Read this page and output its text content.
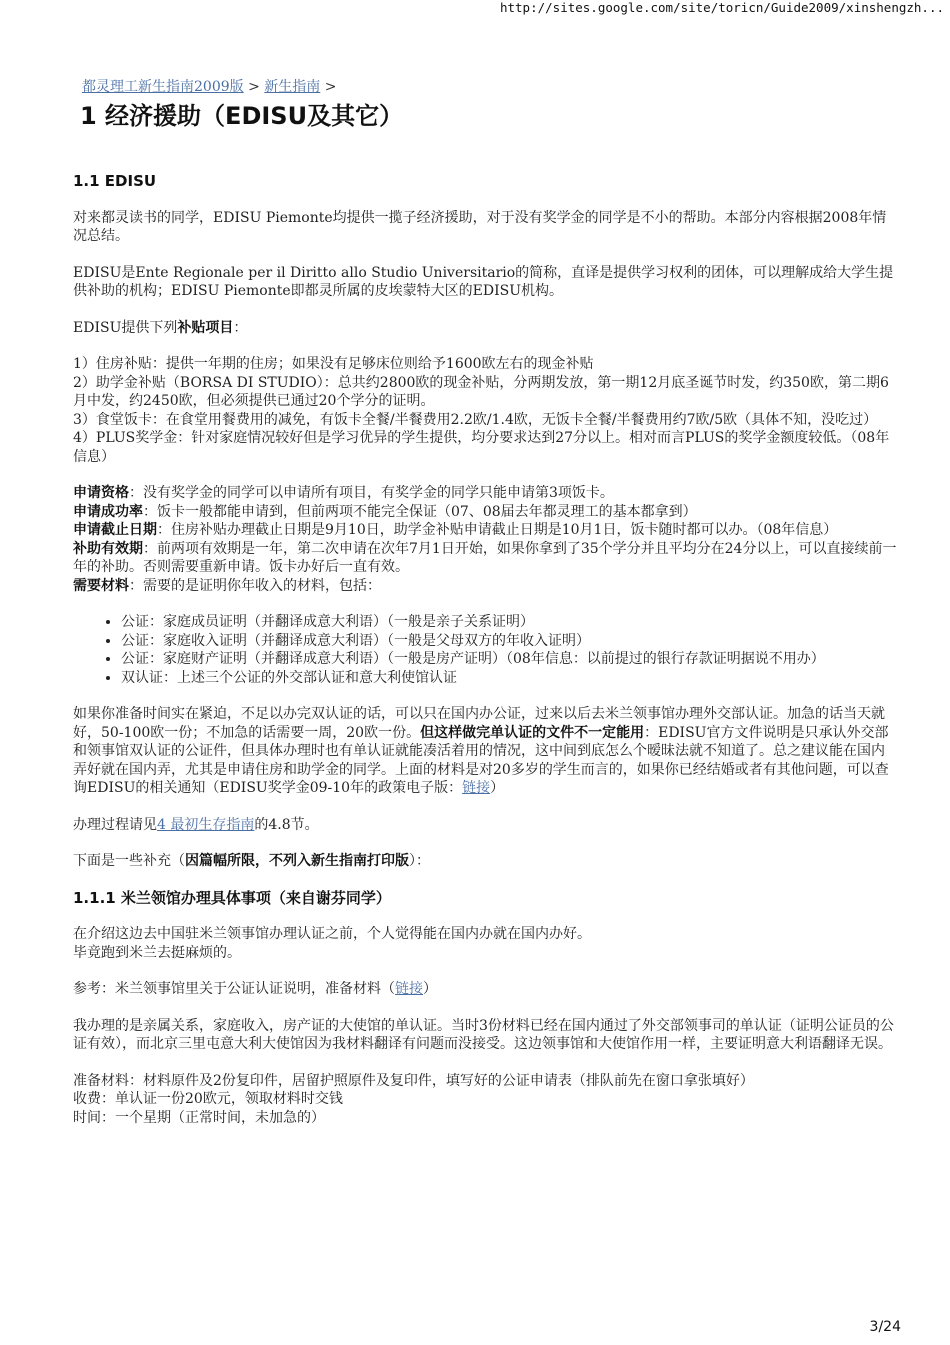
http://sites.google.com/site/toricn/Guide2009/xinshengzh...
都灵理工新生指南2009版 > 新生指南 >
1 经济援助（EDISU及其它）
1.1 EDISU

对来都灵读书的同学，EDISU Piemonte均提供一揽子经济援助，对于没有奖学金的同学是不小的帮助。本部分内容根据2008年情况总结。

EDISU是Ente Regionale per il Diritto allo Studio Universitario的简称，直译是提供学习权利的团体，可以理解成给大学生提供补助的机构；EDISU Piemonte即都灵所属的皮埃蒙特大区的EDISU机构。

EDISU提供下列补贴项目：

1）住房补贴：提供一年期的住房；如果没有足够床位则给予1600欧左右的现金补贴

2）助学金补贴（BORSA DI STUDIO）：总共约2800欧的现金补贴，分两期发放，第一期12月底圣诞节时发，约350欧，第二期6月中发，约2450欧，但必须提供已通过20个学分的证明。

3）食堂饭卡：在食堂用餐费用的减免，有饭卡全餐/半餐费用2.2欧/1.4欧，无饭卡全餐/半餐费用约7欧/5欧（具体不知，没吃过）

4）PLUS奖学金：针对家庭情况较好但是学习优异的学生提供，均分要求达到27分以上。相对而言PLUS的奖学金额度较低。（08年信息）

申请资格：没有奖学金的同学可以申请所有项目，有奖学金的同学只能申请第3项饭卡。

申请成功率：饭卡一般都能申请到，但前两项不能完全保证（07、08届去年都灵理工的基本都拿到）

申请截止日期：住房补贴办理截止日期是9月10日，助学金补贴申请截止日期是10月1日，饭卡随时都可以办。（08年信息）

补助有效期：前两项有效期是一年，第二次申请在次年7月1日开始，如果你拿到了35个学分并且平均分在24分以上，可以直接续前一年的补助。否则需要重新申请。饭卡办好后一直有效。

需要材料：需要的是证明你年收入的材料，包括：

• 公证：家庭成员证明（并翻译成意大利语）（一般是亲子关系证明）
• 公证：家庭收入证明（并翻译成意大利语）（一般是父母双方的年收入证明）
• 公证：家庭财产证明（并翻译成意大利语）（一般是房产证明）（08年信息：以前提过的银行存款证明据说不用办）
• 双认证：上述三个公证的外交部认证和意大利使馆认证

如果你准备时间实在紧迫，不足以办完双认证的话，可以只在国内办公证，过来以后去米兰领事馆办理外交部认证。加急的话当天就好，50-100欧一份；不加急的话需要一周，20欧一份。但这样做完单认证的文件不一定能用：EDISU官方文件说明是只承认外交部和领事馆双认证的公证件，但具体办理时也有单认证就能凑活着用的情况，这中间到底怎么个暧昧法就不知道了。总之建议能在国内弄好就在国内弄，尤其是申请住房和助学金的同学。上面的材料是对20多岁的学生而言的，如果你已经结婚或者有其他问题，可以查询EDISU的相关通知（EDISU奖学金09-10年的政策电子版：链接）

办理过程请见4 最初生存指南的4.8节。

下面是一些补充（因篇幅所限，不列入新生指南打印版）：

1.1.1 米兰领馆办理具体事项（来自谢芬同学）

在介绍这边去中国驻米兰领事馆办理认证之前，个人觉得能在国内办就在国内办好。

毕竟跑到米兰去挺麻烦的。

参考：米兰领事馆里关于公证认证说明，准备材料（链接）

我办理的是亲属关系，家庭收入，房产证的大使馆的单认证。当时3份材料已经在国内通过了外交部领事司的单认证（证明公证员的公证有效），而北京三里屯意大利大使馆因为我材料翻译有问题而没接受。这边领事馆和大使馆作用一样，主要证明意大利语翻译无误。

准备材料：材料原件及2份复印件，居留护照原件及复印件，填写好的公证申请表（排队前先在窗口拿张填好）

收费：单认证一份20欧元，领取材料时交钱

时间：一个星期（正常时间，未加急的）

3/24
